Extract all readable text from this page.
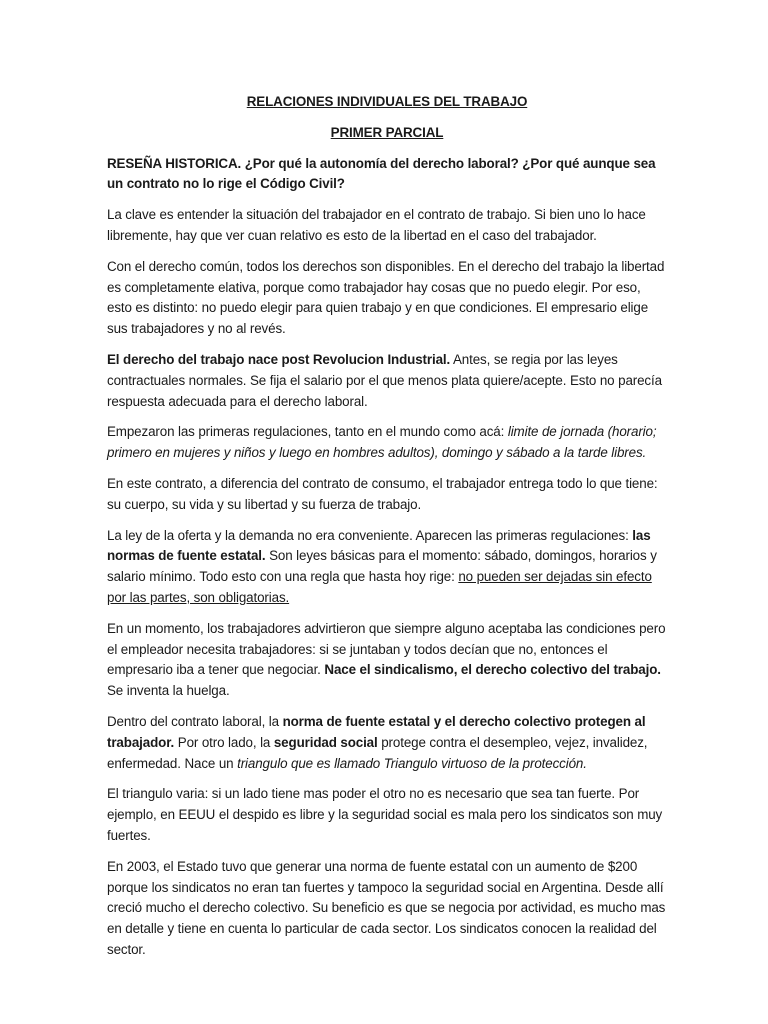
RELACIONES INDIVIDUALES DEL TRABAJO

PRIMER PARCIAL

RESEÑA HISTORICA. ¿Por qué la autonomía del derecho laboral? ¿Por qué aunque sea un contrato no lo rige el Código Civil?

La clave es entender la situación del trabajador en el contrato de trabajo. Si bien uno lo hace libremente, hay que ver cuan relativo es esto de la libertad en el caso del trabajador.

Con el derecho común, todos los derechos son disponibles. En el derecho del trabajo la libertad es completamente elativa, porque como trabajador hay cosas que no puedo elegir. Por eso, esto es distinto: no puedo elegir para quien trabajo y en que condiciones. El empresario elige sus trabajadores y no al revés.

El derecho del trabajo nace post Revolucion Industrial. Antes, se regia por las leyes contractuales normales. Se fija el salario por el que menos plata quiere/acepte. Esto no parecía respuesta adecuada para el derecho laboral.

Empezaron las primeras regulaciones, tanto en el mundo como acá: limite de jornada (horario; primero en mujeres y niños y luego en hombres adultos), domingo y sábado a la tarde libres.

En este contrato, a diferencia del contrato de consumo, el trabajador entrega todo lo que tiene: su cuerpo, su vida y su libertad y su fuerza de trabajo.

La ley de la oferta y la demanda no era conveniente. Aparecen las primeras regulaciones: las normas de fuente estatal. Son leyes básicas para el momento: sábado, domingos, horarios y salario mínimo. Todo esto con una regla que hasta hoy rige: no pueden ser dejadas sin efecto por las partes, son obligatorias.

En un momento, los trabajadores advirtieron que siempre alguno aceptaba las condiciones pero el empleador necesita trabajadores: si se juntaban y todos decían que no, entonces el empresario iba a tener que negociar. Nace el sindicalismo, el derecho colectivo del trabajo. Se inventa la huelga.

Dentro del contrato laboral, la norma de fuente estatal y el derecho colectivo protegen al trabajador. Por otro lado, la seguridad social protege contra el desempleo, vejez, invalidez, enfermedad. Nace un triangulo que es llamado Triangulo virtuoso de la protección.

El triangulo varia: si un lado tiene mas poder el otro no es necesario que sea tan fuerte. Por ejemplo, en EEUU el despido es libre y la seguridad social es mala pero los sindicatos son muy fuertes.

En 2003, el Estado tuvo que generar una norma de fuente estatal con un aumento de $200 porque los sindicatos no eran tan fuertes y tampoco la seguridad social en Argentina. Desde allí creció mucho el derecho colectivo. Su beneficio es que se negocia por actividad, es mucho mas en detalle y tiene en cuenta lo particular de cada sector. Los sindicatos conocen la realidad del sector.
